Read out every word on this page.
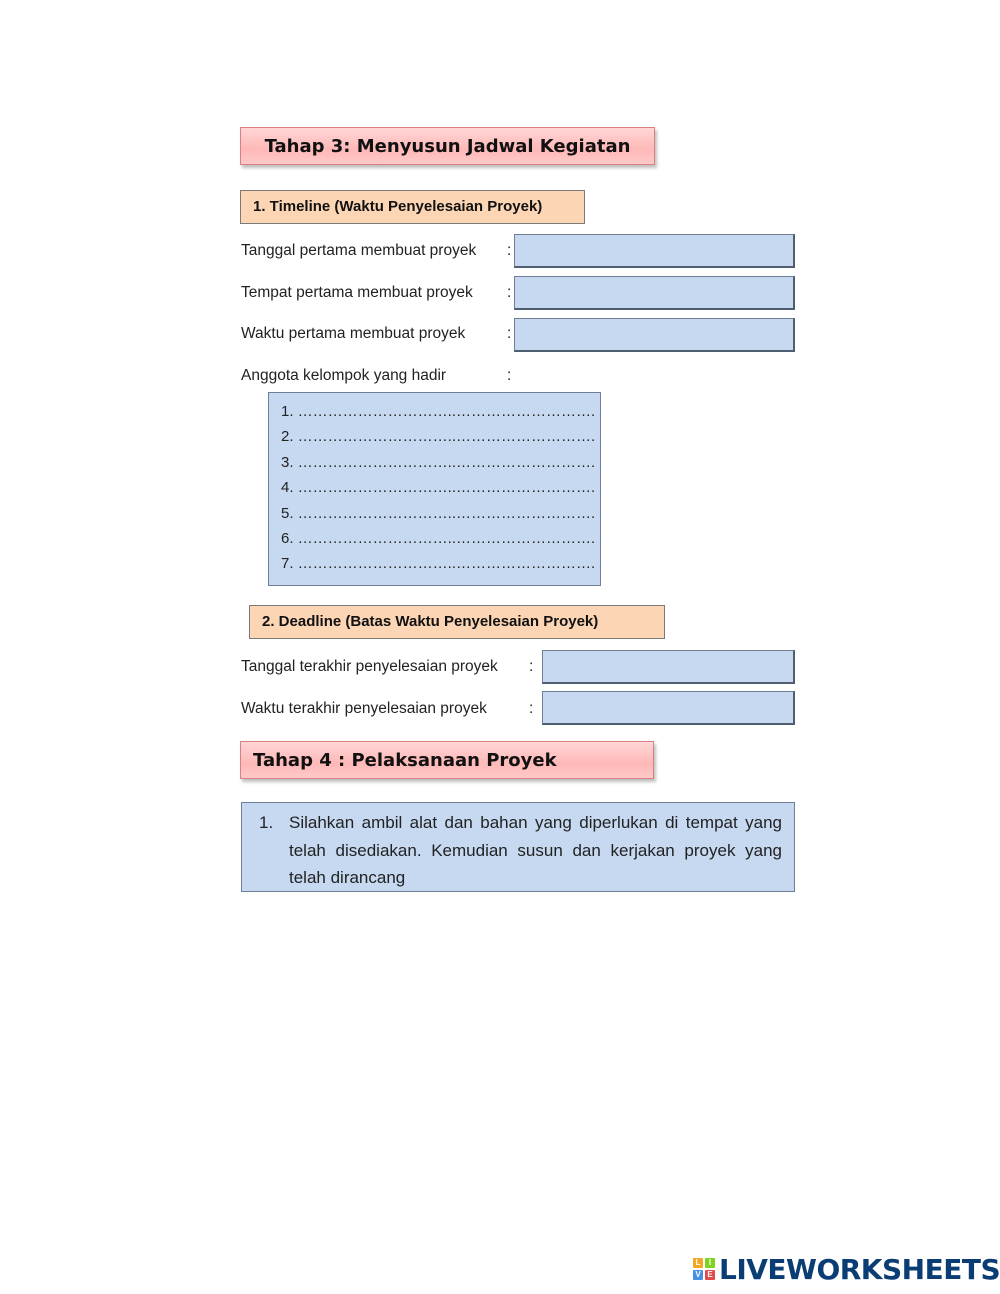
Tahap 3: Menyusun Jadwal Kegiatan
1. Timeline (Waktu Penyelesaian Proyek)
Tanggal pertama membuat proyek :
Tempat pertama membuat proyek :
Waktu pertama membuat proyek	:
Anggota kelompok yang hadir	:
1. …………………………..……………………….
2. …………………………..……………………….
3. …………………………..……………………….
4. …………………………..……………………….
5. …………………………..……………………….
6. …………………………..……………………….
7. …………………………..……………………….
2. Deadline (Batas Waktu Penyelesaian Proyek)
Tanggal terakhir penyelesaian proyek :
Waktu terakhir penyelesaian proyek	:
Tahap 4 : Pelaksanaan Proyek
1. Silahkan ambil alat dan bahan yang diperlukan di tempat yang telah disediakan. Kemudian susun dan kerjakan proyek yang telah dirancang
L	I
V E LIVEWORKSHEETS
